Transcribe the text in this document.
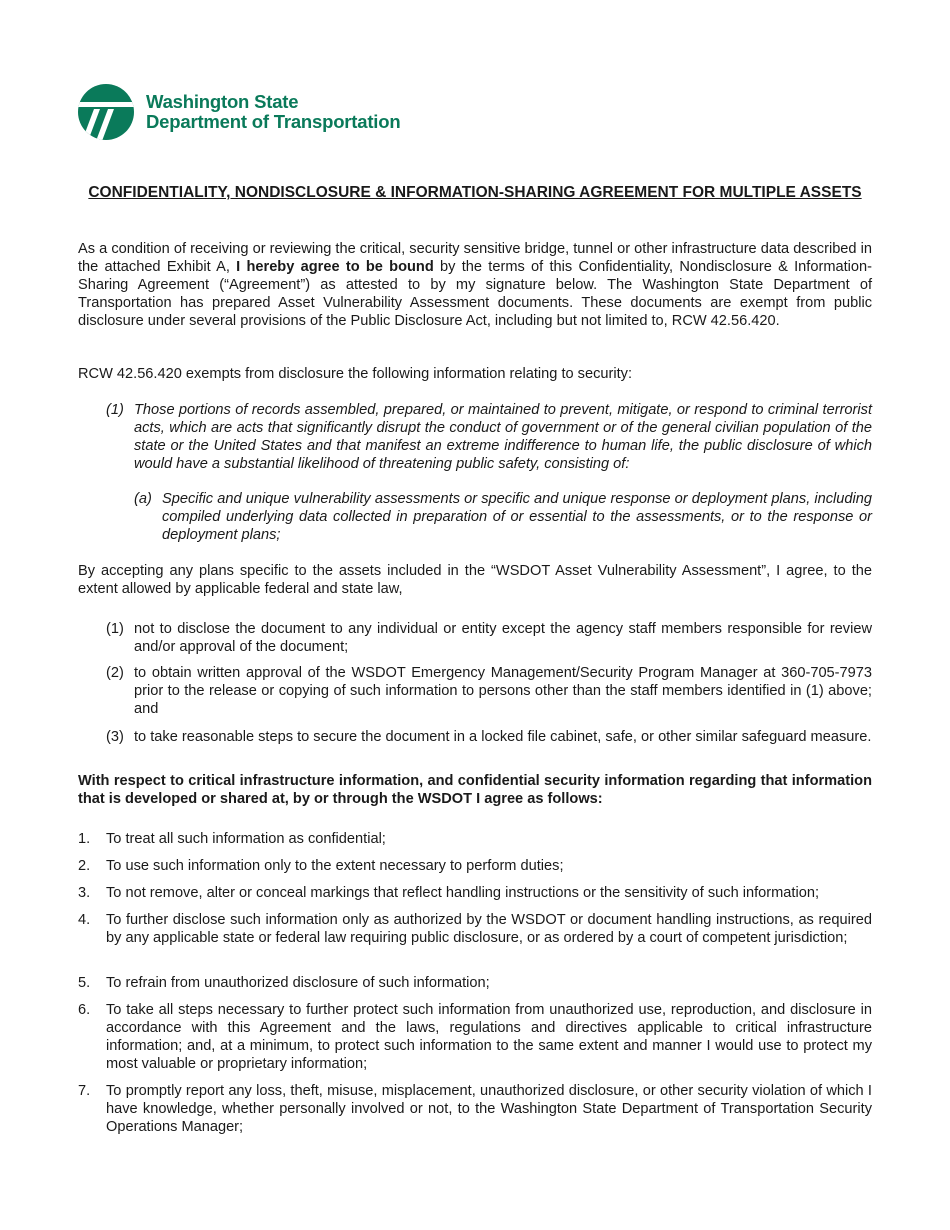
Washington State
Department of Transportation
CONFIDENTIALITY, NONDISCLOSURE & INFORMATION-SHARING AGREEMENT FOR MULTIPLE ASSETS
As a condition of receiving or reviewing the critical, security sensitive bridge, tunnel or other infrastructure data described in the attached Exhibit A, I hereby agree to be bound by the terms of this Confidentiality, Nondisclosure & Information-Sharing Agreement (“Agreement”) as attested to by my signature below. The Washington State Department of Transportation has prepared Asset Vulnerability Assessment documents. These documents are exempt from public disclosure under several provisions of the Public Disclosure Act, including but not limited to, RCW 42.56.420.
RCW 42.56.420 exempts from disclosure the following information relating to security:
(1) Those portions of records assembled, prepared, or maintained to prevent, mitigate, or respond to criminal terrorist acts, which are acts that significantly disrupt the conduct of government or of the general civilian population of the state or the United States and that manifest an extreme indifference to human life, the public disclosure of which would have a substantial likelihood of threatening public safety, consisting of:
(a) Specific and unique vulnerability assessments or specific and unique response or deployment plans, including compiled underlying data collected in preparation of or essential to the assessments, or to the response or deployment plans;
By accepting any plans specific to the assets included in the “WSDOT Asset Vulnerability Assessment”, I agree, to the extent allowed by applicable federal and state law,
(1) not to disclose the document to any individual or entity except the agency staff members responsible for review and/or approval of the document;
(2) to obtain written approval of the WSDOT Emergency Management/Security Program Manager at 360-705-7973 prior to the release or copying of such information to persons other than the staff members identified in (1) above; and
(3) to take reasonable steps to secure the document in a locked file cabinet, safe, or other similar safeguard measure.
With respect to critical infrastructure information, and confidential security information regarding that information that is developed or shared at, by or through the WSDOT I agree as follows:
1.	To treat all such information as confidential;
2.	To use such information only to the extent necessary to perform duties;
3.	To not remove, alter or conceal markings that reflect handling instructions or the sensitivity of such information;
4.	To further disclose such information only as authorized by the WSDOT or document handling instructions, as required by any applicable state or federal law requiring public disclosure, or as ordered by a court of competent jurisdiction;
5.	To refrain from unauthorized disclosure of such information;
6.	To take all steps necessary to further protect such information from unauthorized use, reproduction, and disclosure in accordance with this Agreement and the laws, regulations and directives applicable to critical infrastructure information; and, at a minimum, to protect such information to the same extent and manner I would use to protect my most valuable or proprietary information;
7.	To promptly report any loss, theft, misuse, misplacement, unauthorized disclosure, or other security violation of which I have knowledge, whether personally involved or not, to the Washington State Department of Transportation Security Operations Manager;
